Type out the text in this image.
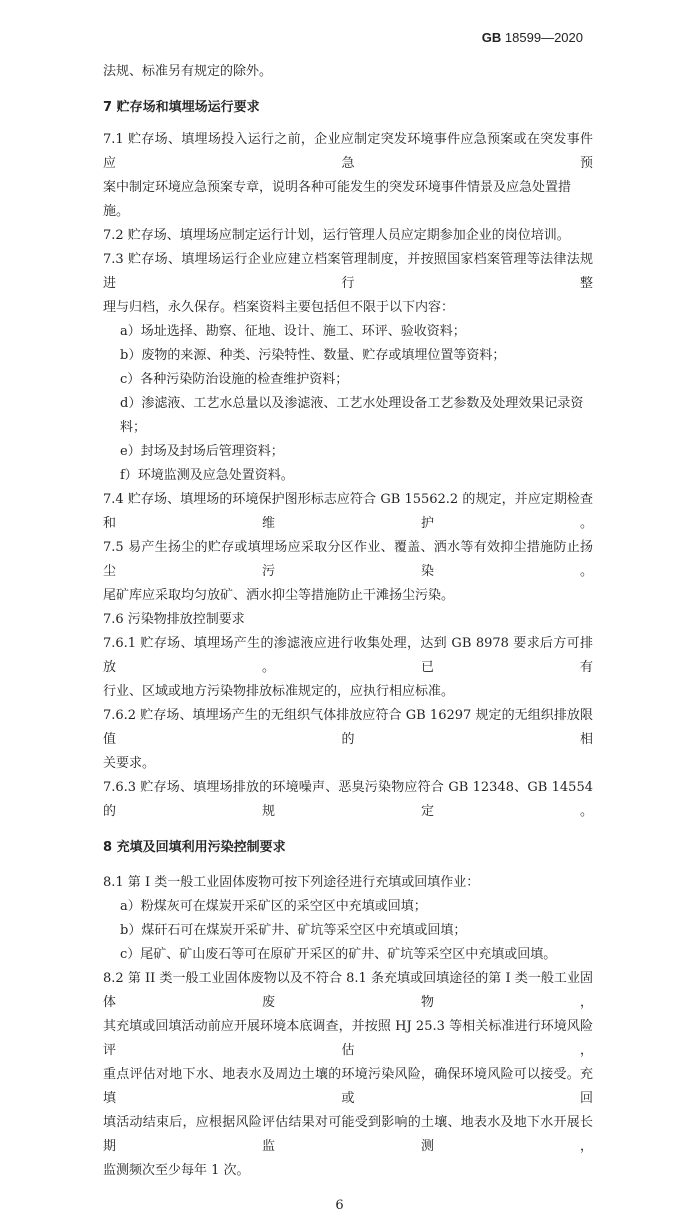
GB 18599—2020
法规、标准另有规定的除外。
7 贮存场和填埋场运行要求
7.1 贮存场、填埋场投入运行之前，企业应制定突发环境事件应急预案或在突发事件应急预
案中制定环境应急预案专章，说明各种可能发生的突发环境事件情景及应急处置措施。
7.2 贮存场、填埋场应制定运行计划，运行管理人员应定期参加企业的岗位培训。
7.3 贮存场、填埋场运行企业应建立档案管理制度，并按照国家档案管理等法律法规进行整
理与归档，永久保存。档案资料主要包括但不限于以下内容：
a）场址选择、勘察、征地、设计、施工、环评、验收资料；
b）废物的来源、种类、污染特性、数量、贮存或填埋位置等资料；
c）各种污染防治设施的检查维护资料；
d）渗滤液、工艺水总量以及渗滤液、工艺水处理设备工艺参数及处理效果记录资料；
e）封场及封场后管理资料；
f）环境监测及应急处置资料。
7.4 贮存场、填埋场的环境保护图形标志应符合 GB 15562.2 的规定，并应定期检查和维护。
7.5 易产生扬尘的贮存或填埋场应采取分区作业、覆盖、洒水等有效抑尘措施防止扬尘污染。
尾矿库应采取均匀放矿、洒水抑尘等措施防止干滩扬尘污染。
7.6 污染物排放控制要求
7.6.1 贮存场、填埋场产生的渗滤液应进行收集处理，达到 GB 8978 要求后方可排放。已有
行业、区域或地方污染物排放标准规定的，应执行相应标准。
7.6.2 贮存场、填埋场产生的无组织气体排放应符合 GB 16297 规定的无组织排放限值的相
关要求。
7.6.3 贮存场、填埋场排放的环境噪声、恶臭污染物应符合 GB 12348、GB 14554 的规定。
8 充填及回填利用污染控制要求
8.1 第 I 类一般工业固体废物可按下列途径进行充填或回填作业：
a）粉煤灰可在煤炭开采矿区的采空区中充填或回填；
b）煤矸石可在煤炭开采矿井、矿坑等采空区中充填或回填；
c）尾矿、矿山废石等可在原矿开采区的矿井、矿坑等采空区中充填或回填。
8.2 第 II 类一般工业固体废物以及不符合 8.1 条充填或回填途径的第 I 类一般工业固体废物，
其充填或回填活动前应开展环境本底调查，并按照 HJ 25.3 等相关标准进行环境风险评估，
重点评估对地下水、地表水及周边土壤的环境污染风险，确保环境风险可以接受。充填或回
填活动结束后，应根据风险评估结果对可能受到影响的土壤、地表水及地下水开展长期监测，
监测频次至少每年 1 次。
6
